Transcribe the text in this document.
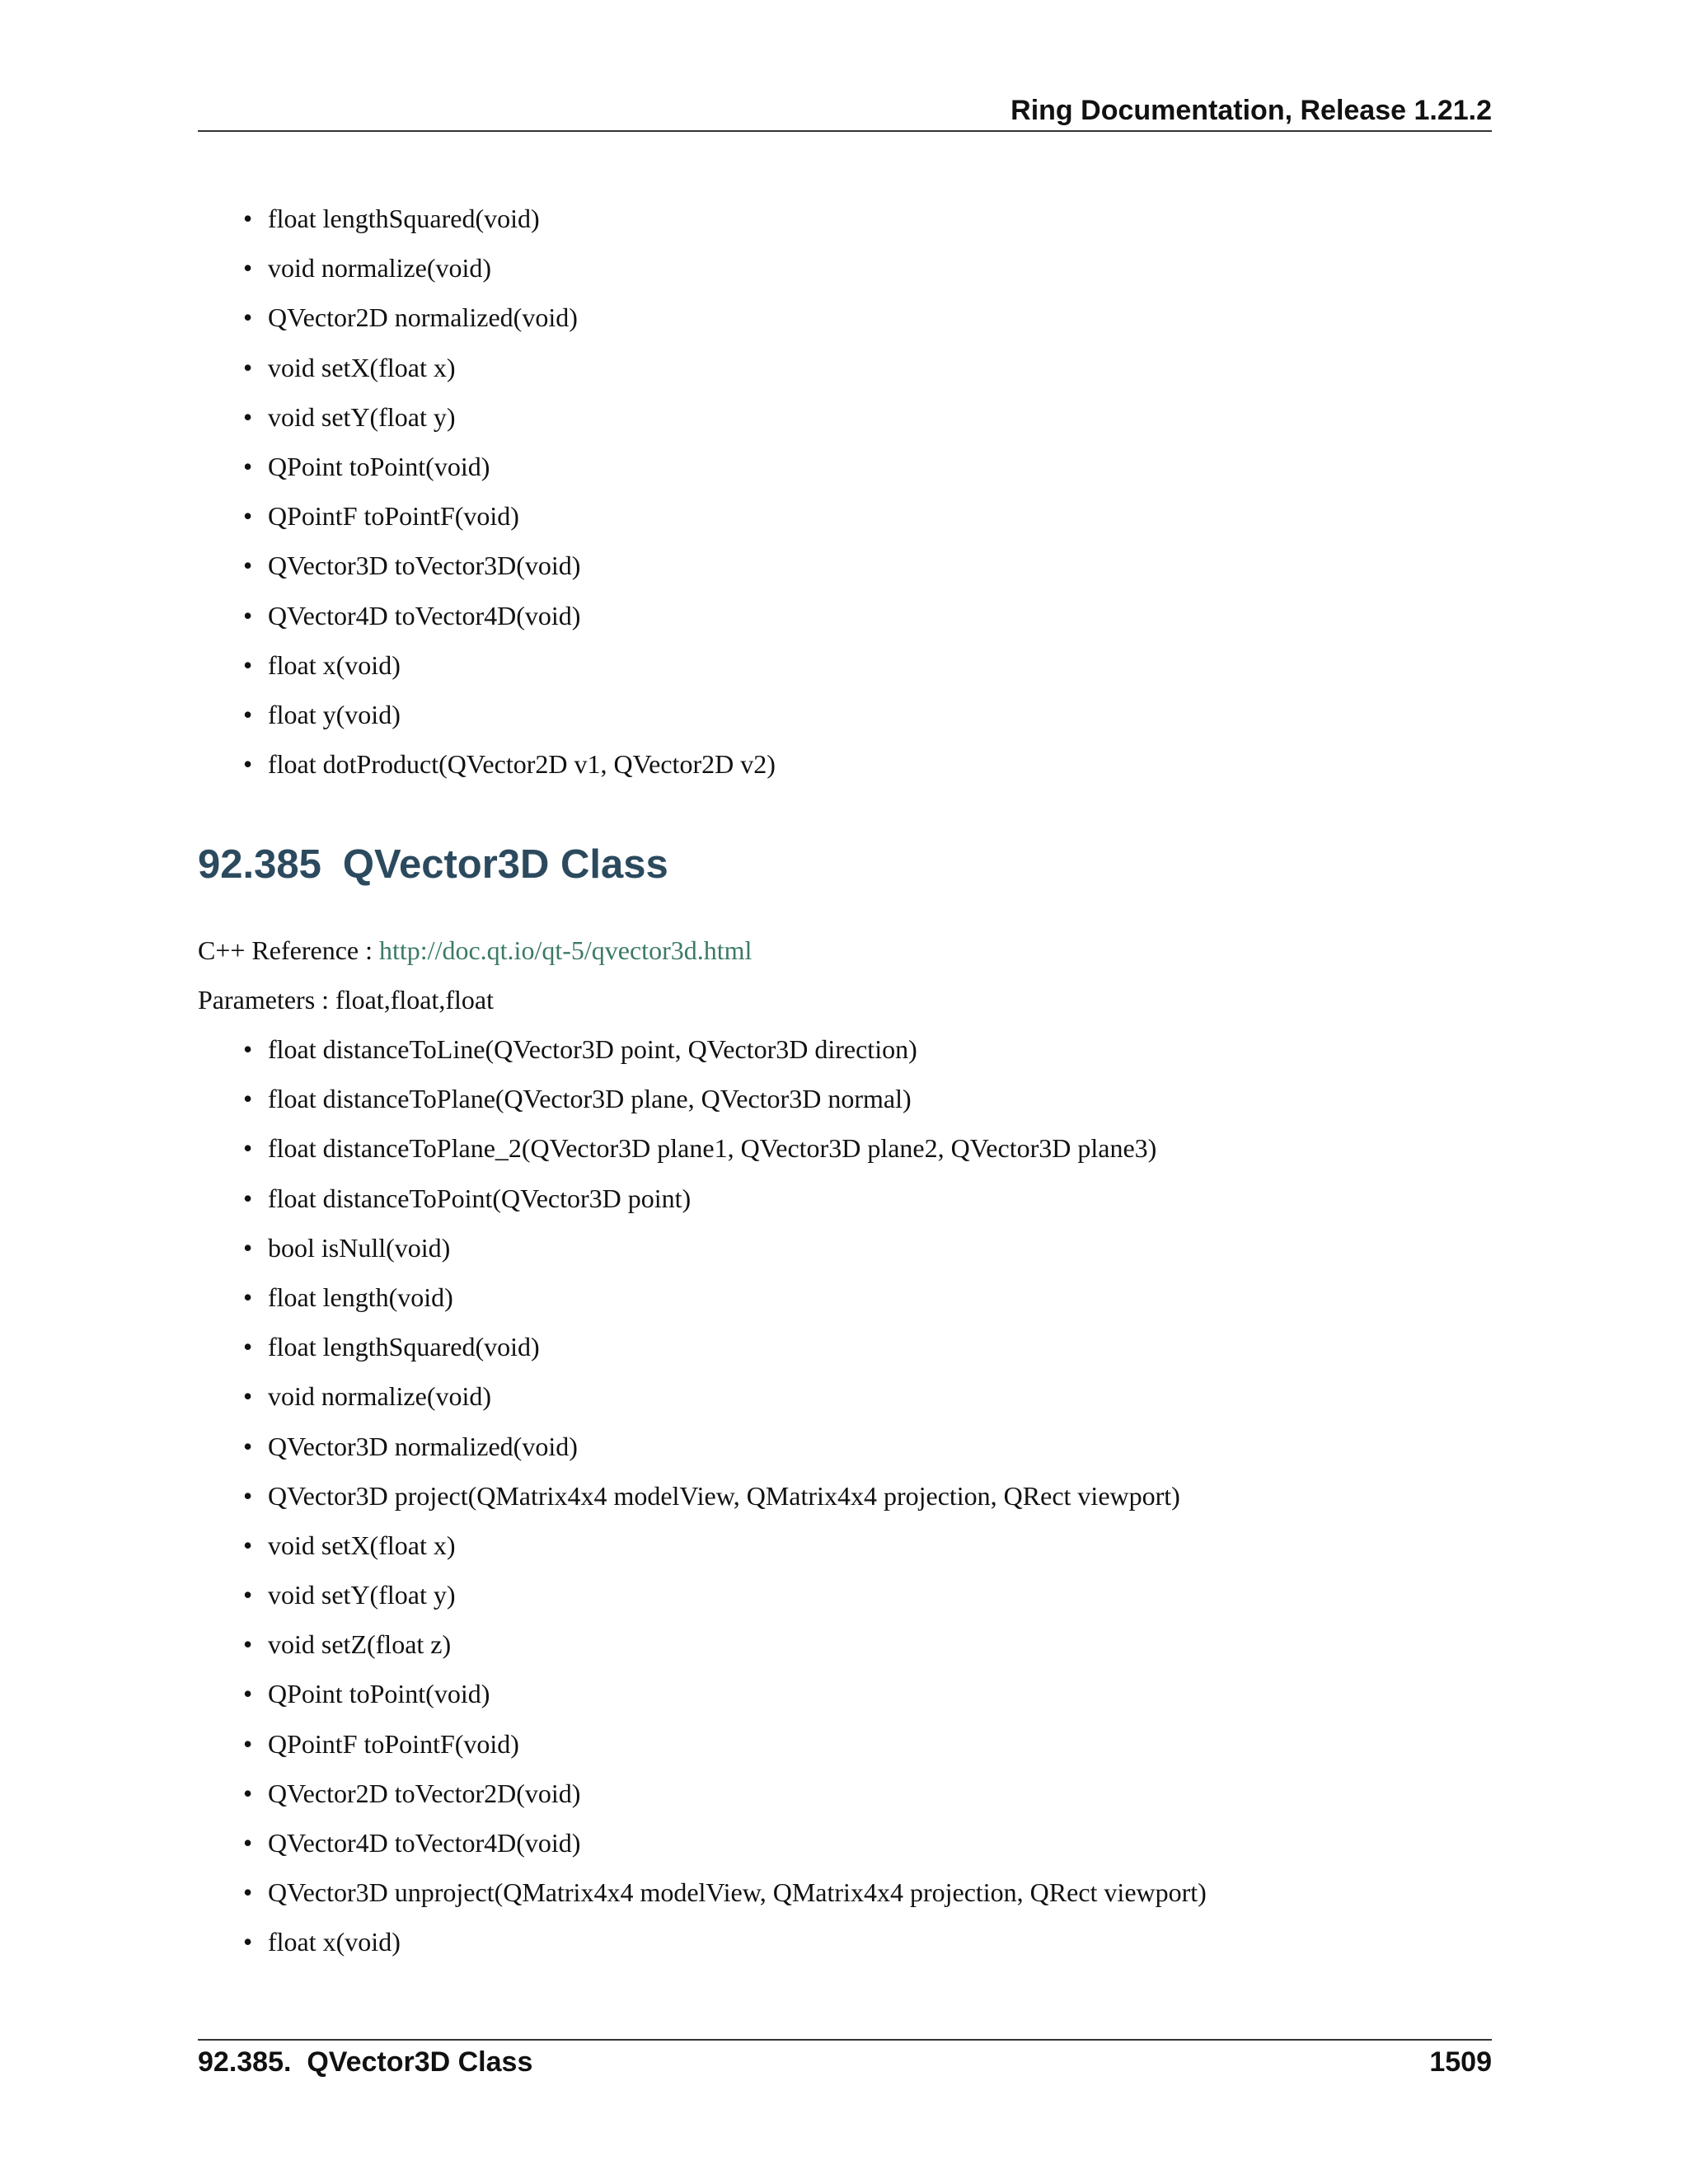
Ring Documentation, Release 1.21.2
• float lengthSquared(void)
• void normalize(void)
• QVector2D normalized(void)
• void setX(float x)
• void setY(float y)
• QPoint toPoint(void)
• QPointF toPointF(void)
• QVector3D toVector3D(void)
• QVector4D toVector4D(void)
• float x(void)
• float y(void)
• float dotProduct(QVector2D v1, QVector2D v2)
92.385 QVector3D Class

C++ Reference : http://doc.qt.io/qt-5/qvector3d.html

Parameters : float,float,float

• float distanceToLine(QVector3D point, QVector3D direction)
• float distanceToPlane(QVector3D plane, QVector3D normal)
• float distanceToPlane_2(QVector3D plane1, QVector3D plane2, QVector3D plane3)
• float distanceToPoint(QVector3D point)
• bool isNull(void)
• float length(void)
• float lengthSquared(void)
• void normalize(void)
• QVector3D normalized(void)
• QVector3D project(QMatrix4x4 modelView, QMatrix4x4 projection, QRect viewport)
• void setX(float x)
• void setY(float y)
• void setZ(float z)
• QPoint toPoint(void)
• QPointF toPointF(void)
• QVector2D toVector2D(void)
• QVector4D toVector4D(void)
• QVector3D unproject(QMatrix4x4 modelView, QMatrix4x4 projection, QRect viewport)
• float x(void)
92.385.  QVector3D Class	1509
